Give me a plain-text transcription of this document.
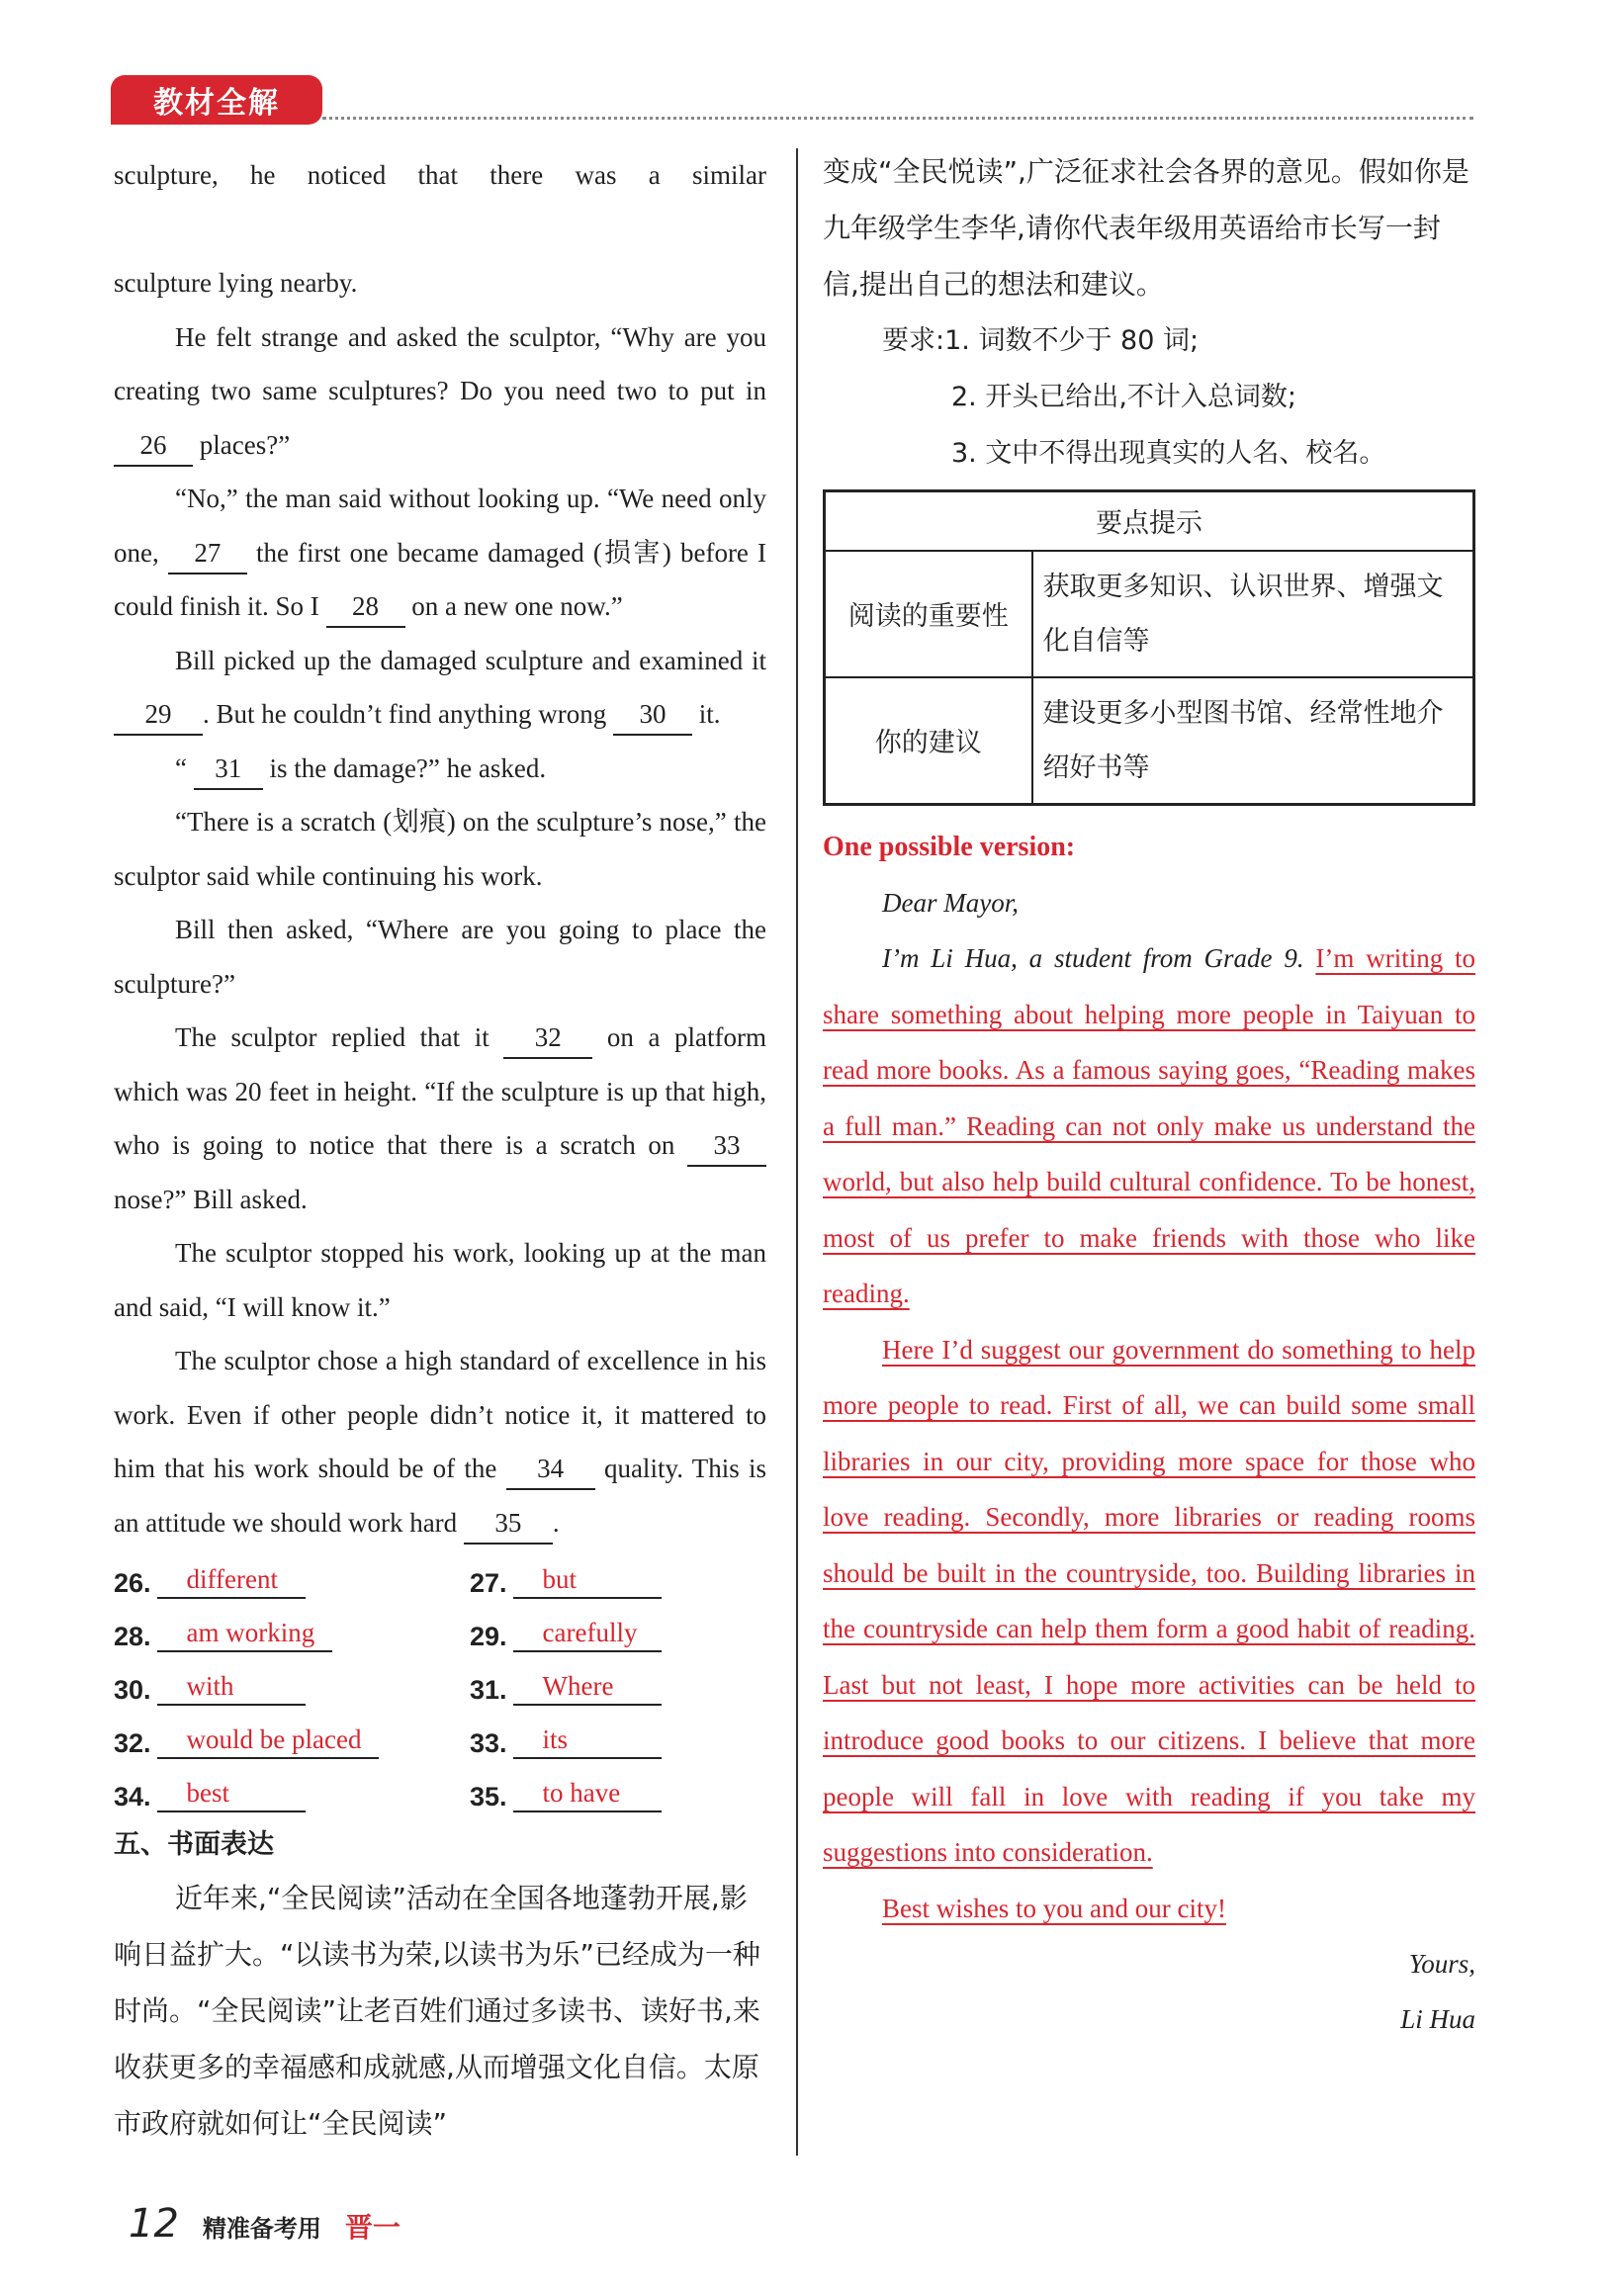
教材全解
sculpture, he noticed that there was a similar
sculpture lying nearby.
He felt strange and asked the sculptor, “Why are you creating two same sculptures? Do you need two to put in 26 places?”
“No,” the man said without looking up. “We need only one, 27 the first one became damaged (损害) before I could finish it. So I 28 on a new one now.”
Bill picked up the damaged sculpture and examined it 29 . But he couldn’t find anything wrong 30 it.
“ 31 is the damage?” he asked.
“There is a scratch (划痕) on the sculpture’s nose,” the sculptor said while continuing his work.
Bill then asked, “Where are you going to place the sculpture?”
The sculptor replied that it 32 on a platform which was 20 feet in height. “If the sculpture is up that high, who is going to notice that there is a scratch on 33 nose?” Bill asked.
The sculptor stopped his work, looking up at the man and said, “I will know it.”
The sculptor chose a high standard of excellence in his work. Even if other people didn’t notice it, it mattered to him that his work should be of the 34 quality. This is an attitude we should work hard 35 .
26.	different	27.	but
28.	am working	29.	carefully
30.	with	31.	Where
32.	would be placed	33.	its
34.	best	35.	to have
五、书面表达
近年来,“全民阅读”活动在全国各地蓬勃开展,影响日益扩大。“以读书为荣,以读书为乐”已经成为一种时尚。“全民阅读”让老百姓们通过多读书、读好书,来收获更多的幸福感和成就感,从而增强文化自信。太原市政府就如何让“全民阅读”
变成“全民悦读”,广泛征求社会各界的意见。假如你是九年级学生李华,请你代表年级用英语给市长写一封信,提出自己的想法和建议。
要求:1. 词数不少于 80 词;
2. 开头已给出,不计入总词数;
3. 文中不得出现真实的人名、校名。
要点提示	
阅读的重要性	获取更多知识、认识世界、增强文化自信等
你的建议	建设更多小型图书馆、经常性地介绍好书等
One possible version:
Dear Mayor,
I’m Li Hua, a student from Grade 9. I’m writing to share something about helping more people in Taiyuan to read more books. As a famous saying goes, “Reading makes a full man.” Reading can not only make us understand the world, but also help build cultural confidence. To be honest, most of us prefer to make friends with those who like reading.
Here I’d suggest our government do something to help more people to read. First of all, we can build some small libraries in our city, providing more space for those who love reading. Secondly, more libraries or reading rooms should be built in the countryside, too. Building libraries in the countryside can help them form a good habit of reading. Last but not least, I hope more activities can be held to introduce good books to our citizens. I believe that more people will fall in love with reading if you take my suggestions into consideration.
Best wishes to you and our city!
Yours,
Li Hua
12 精准备考用 晋一
